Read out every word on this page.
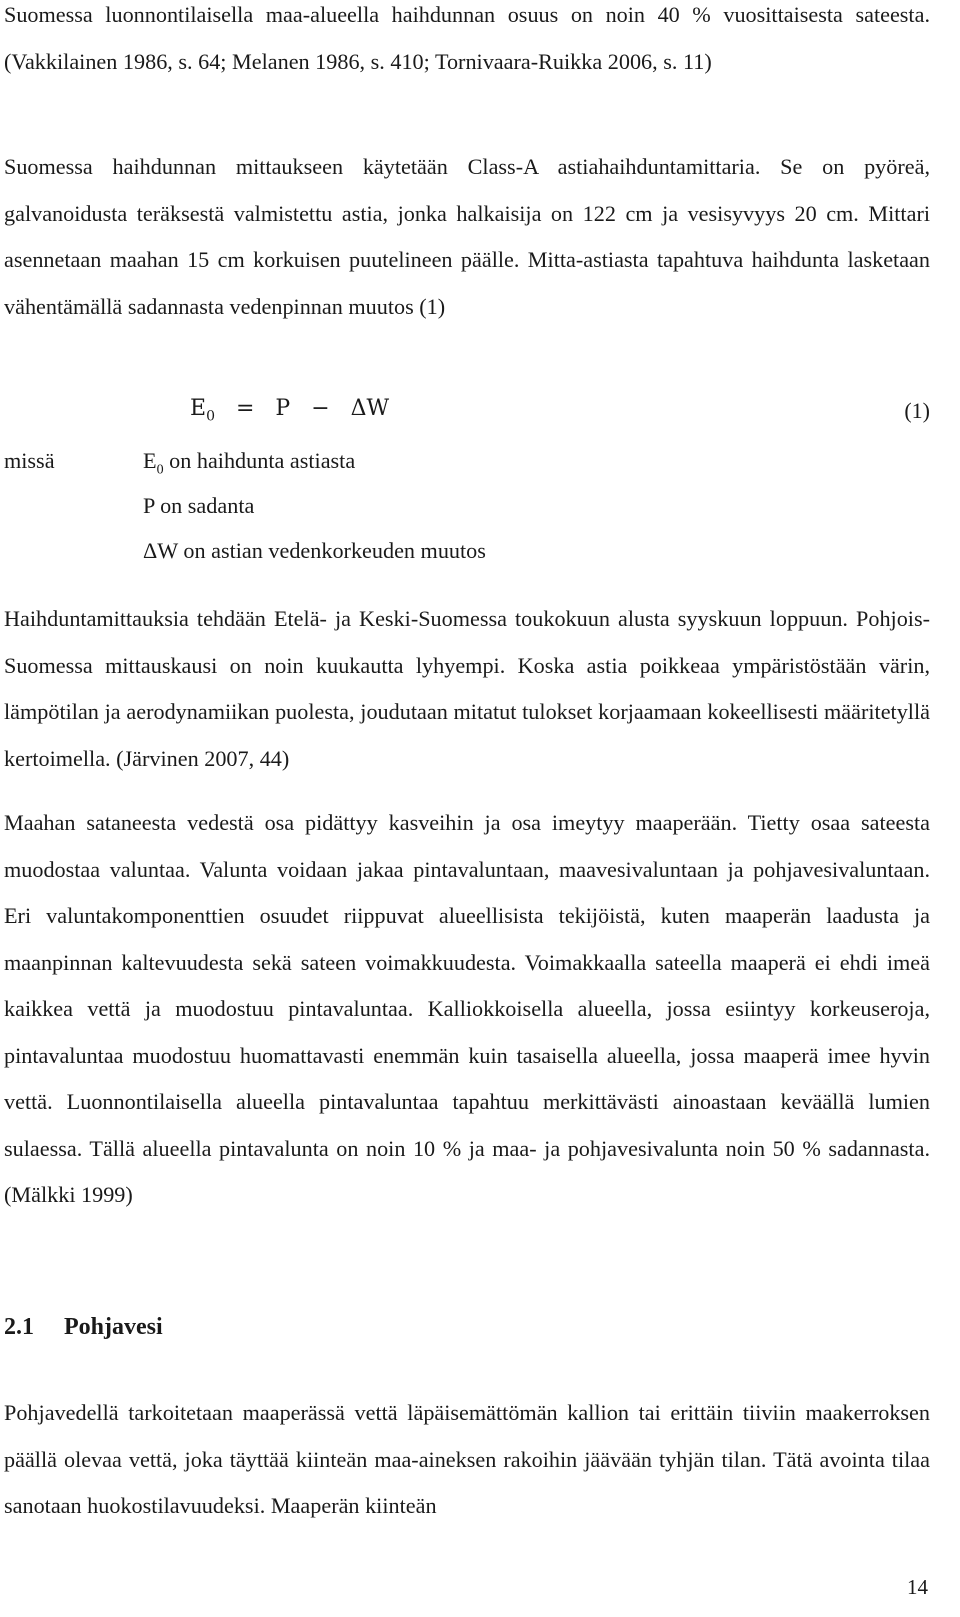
Suomessa luonnontilaisella maa-alueella haihdunnan osuus on noin 40 % vuosittaisesta sateesta. (Vakkilainen 1986, s. 64; Melanen 1986, s. 410; Tornivaara-Ruikka 2006, s. 11)

Suomessa haihdunnan mittaukseen käytetään Class-A astiahaihduntamittaria. Se on pyöreä, galvanoidusta teräksestä valmistettu astia, jonka halkaisija on 122 cm ja vesisyvyys 20 cm. Mittari asennetaan maahan 15 cm korkuisen puutelineen päälle. Mitta-astiasta tapahtuva haihdunta lasketaan vähentämällä sadannasta vedenpinnan muutos (1)

$E_0 = P - \Delta W$	(1)
missä	$E_0$ on haihdunta astiasta
P on sadanta
ΔW on astian vedenkorkeuden muutos

Haihduntamittauksia tehdään Etelä- ja Keski-Suomessa toukokuun alusta syyskuun loppuun. Pohjois-Suomessa mittauskausi on noin kuukautta lyhyempi. Koska astia poikkeaa ympäristöstään värin, lämpötilan ja aerodynamiikan puolesta, joudutaan mitatut tulokset korjaamaan kokeellisesti määritetyllä kertoimella. (Järvinen 2007, 44)

Maahan sataneesta vedestä osa pidättyy kasveihin ja osa imeytyy maaperään. Tietty osaa sateesta muodostaa valuntaa. Valunta voidaan jakaa pintavaluntaan, maavesivaluntaan ja pohjavesivaluntaan. Eri valuntakomponenttien osuudet riippuvat alueellisista tekijöistä, kuten maaperän laadusta ja maanpinnan kaltevuudesta sekä sateen voimakkuudesta. Voimakkaalla sateella maaperä ei ehdi imeä kaikkea vettä ja muodostuu pintavaluntaa. Kalliokkoisella alueella, jossa esiintyy korkeuseroja, pintavaluntaa muodostuu huomattavasti enemmän kuin tasaisella alueella, jossa maaperä imee hyvin vettä. Luonnontilaisella alueella pintavaluntaa tapahtuu merkittävästi ainoastaan keväällä lumien sulaessa. Tällä alueella pintavalunta on noin 10 % ja maa- ja pohjavesivalunta noin 50 % sadannasta. (Mälkki 1999)

2.1 Pohjavesi

Pohjavedellä tarkoitetaan maaperässä vettä läpäisemättömän kallion tai erittäin tiiviin maakerroksen päällä olevaa vettä, joka täyttää kiinteän maa-aineksen rakoihin jäävään tyhjän tilan. Tätä avointa tilaa sanotaan huokostilavuudeksi. Maaperän kiinteän

14
